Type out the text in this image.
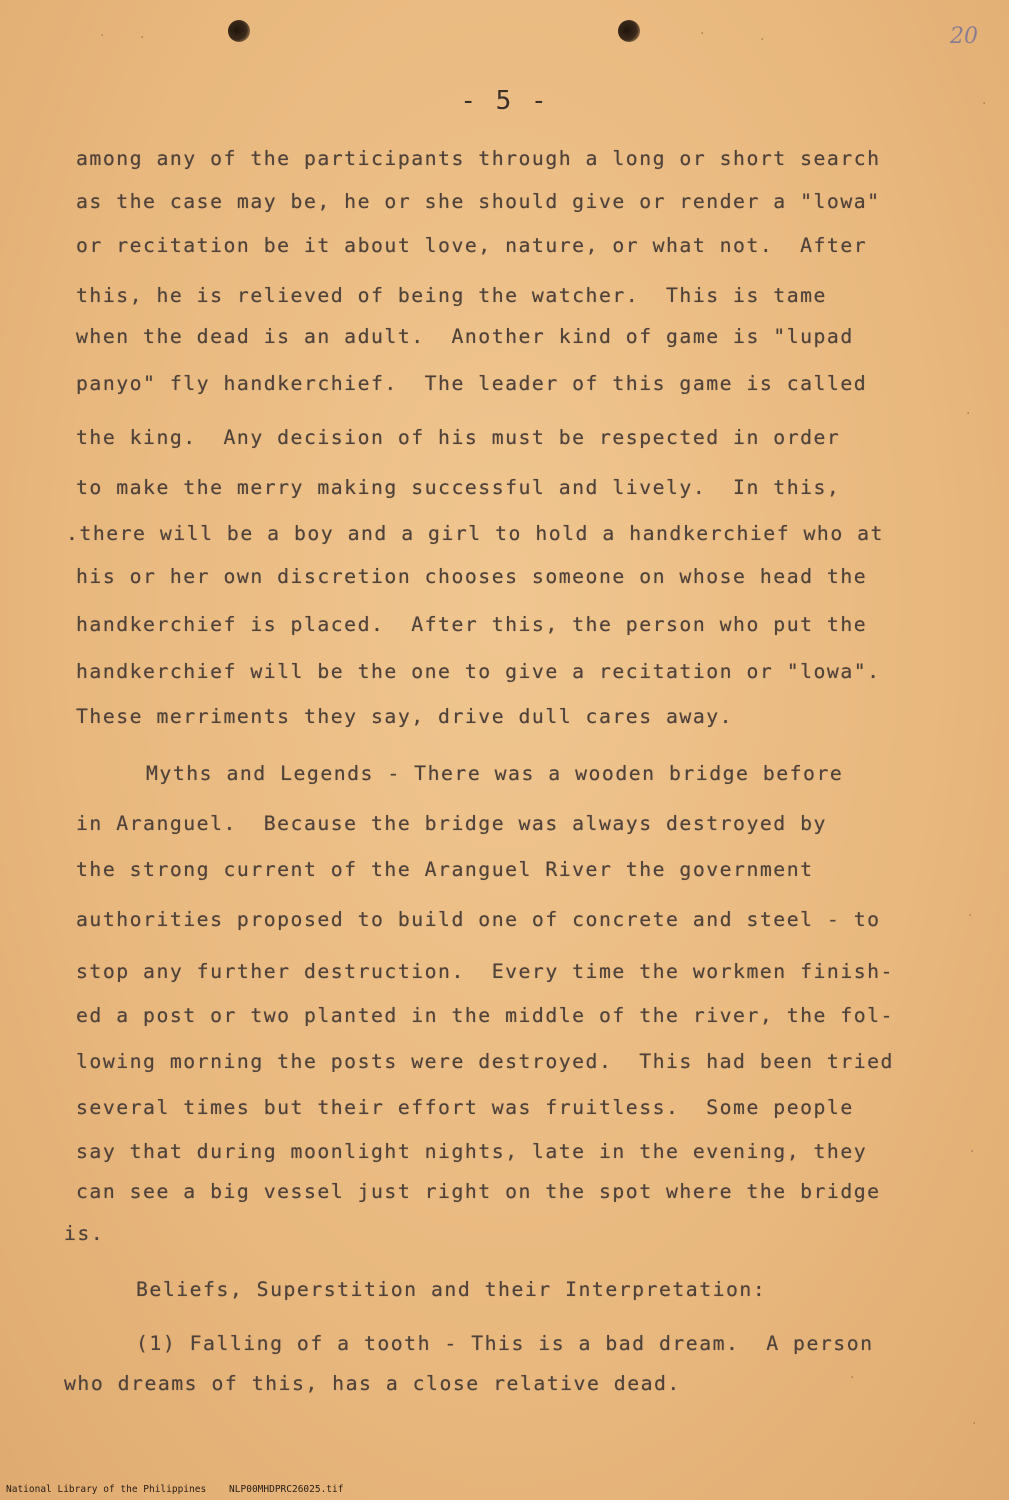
·	·	·	·
·
·
·
·
·
·
20
- 5 -
among any of the participants through a long or short search
as the case may be, he or she should give or render a "lowa"
or recitation be it about love, nature, or what not.  After
this, he is relieved of being the watcher.  This is tame
when the dead is an adult.  Another kind of game is "lupad
panyo" fly handkerchief.  The leader of this game is called
the king.  Any decision of his must be respected in order
to make the merry making successful and lively.  In this,
.there will be a boy and a girl to hold a handkerchief who at
his or her own discretion chooses someone on whose head the
handkerchief is placed.  After this, the person who put the
handkerchief will be the one to give a recitation or "lowa".
These merriments they say, drive dull cares away.
Myths and Legends - There was a wooden bridge before
in Aranguel.  Because the bridge was always destroyed by
the strong current of the Aranguel River the government
authorities proposed to build one of concrete and steel - to
stop any further destruction.  Every time the workmen finish-
ed a post or two planted in the middle of the river, the fol-
lowing morning the posts were destroyed.  This had been tried
several times but their effort was fruitless.  Some people
say that during moonlight nights, late in the evening, they
can see a big vessel just right on the spot where the bridge
is.
Beliefs, Superstition and their Interpretation:
(1) Falling of a tooth - This is a bad dream.  A person
who dreams of this, has a close relative dead.
National Library of the Philippines    NLP00MHDPRC26025.tif
